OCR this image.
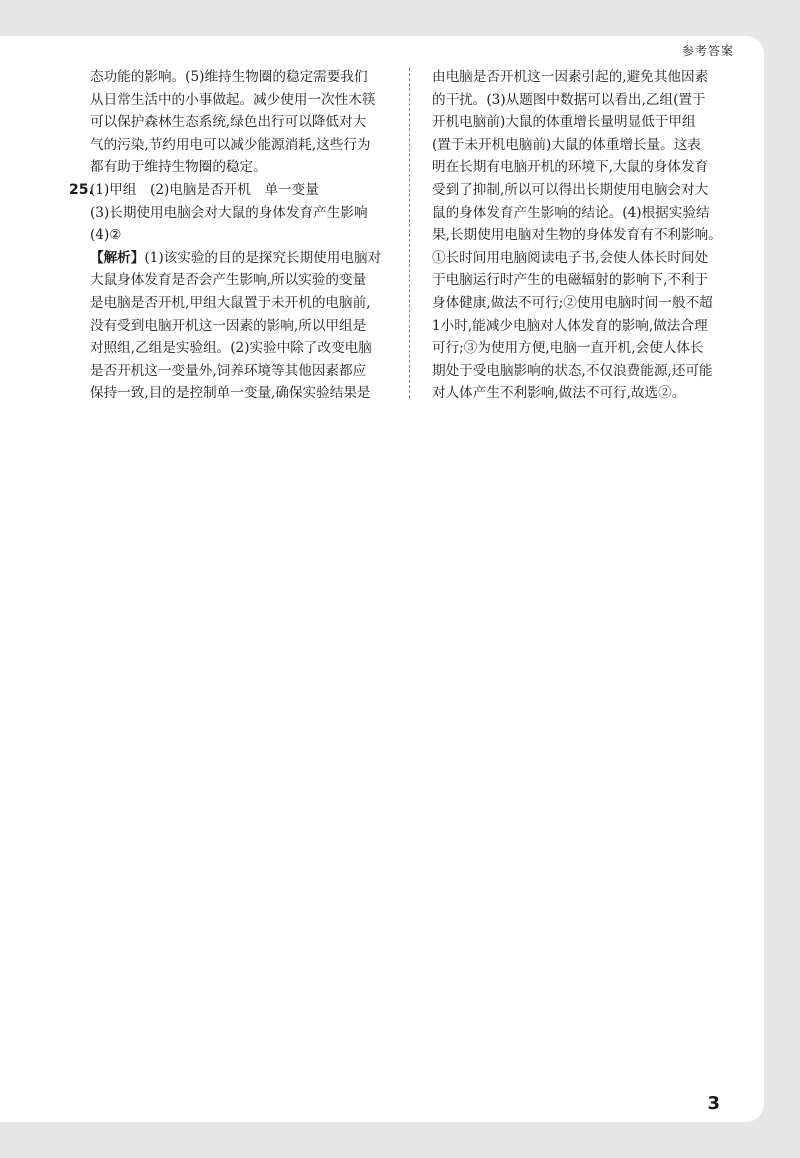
参考答案
态功能的影响。(5)维持生物圈的稳定需要我们
从日常生活中的小事做起。减少使用一次性木筷
可以保护森林生态系统,绿色出行可以降低对大
气的污染,节约用电可以减少能源消耗,这些行为
都有助于维持生物圈的稳定。
25.
(1)甲组　(2)电脑是否开机　单一变量
(3)长期使用电脑会对大鼠的身体发育产生影响
(4)②
【解析】(1)该实验的目的是探究长期使用电脑对
大鼠身体发育是否会产生影响,所以实验的变量
是电脑是否开机,甲组大鼠置于未开机的电脑前,
没有受到电脑开机这一因素的影响,所以甲组是
对照组,乙组是实验组。(2)实验中除了改变电脑
是否开机这一变量外,饲养环境等其他因素都应
保持一致,目的是控制单一变量,确保实验结果是
由电脑是否开机这一因素引起的,避免其他因素
的干扰。(3)从题图中数据可以看出,乙组(置于
开机电脑前)大鼠的体重增长量明显低于甲组
(置于未开机电脑前)大鼠的体重增长量。这表
明在长期有电脑开机的环境下,大鼠的身体发育
受到了抑制,所以可以得出长期使用电脑会对大
鼠的身体发育产生影响的结论。(4)根据实验结
果,长期使用电脑对生物的身体发育有不利影响。
①长时间用电脑阅读电子书,会使人体长时间处
于电脑运行时产生的电磁辐射的影响下,不利于
身体健康,做法不可行;②使用电脑时间一般不超
1小时,能减少电脑对人体发育的影响,做法合理
可行;③为使用方便,电脑一直开机,会使人体长
期处于受电脑影响的状态,不仅浪费能源,还可能
对人体产生不利影响,做法不可行,故选②。
3
